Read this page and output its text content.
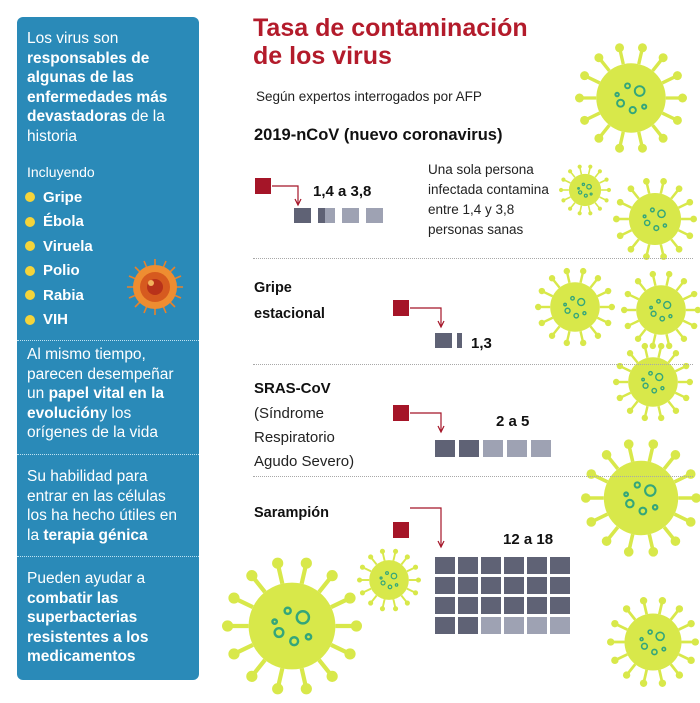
Los virus son responsables de algunas de las enfermedades más devastadoras de la historia
Incluyendo
Gripe
Ébola
Viruela
Polio
Rabia
VIH
Al mismo tiempo, parecen desempeñar un papel vital en la evolucióny los orígenes de la vida
Su habilidad para entrar en las células los ha hecho útiles en la terapia génica
Pueden ayudar a combatir las superbacterias resistentes a los medicamentos
Tasa de contaminación
de los virus
Según expertos interrogados por AFP
2019-nCoV (nuevo coronavirus)
1,4 a 3,8
Una sola persona
infectada contamina
entre 1,4 y 3,8
personas sanas
Gripe
estacional
1,3
SRAS-CoV
(Síndrome
Respiratorio
Agudo Severo)
2 a 5
Sarampión
12 a 18
